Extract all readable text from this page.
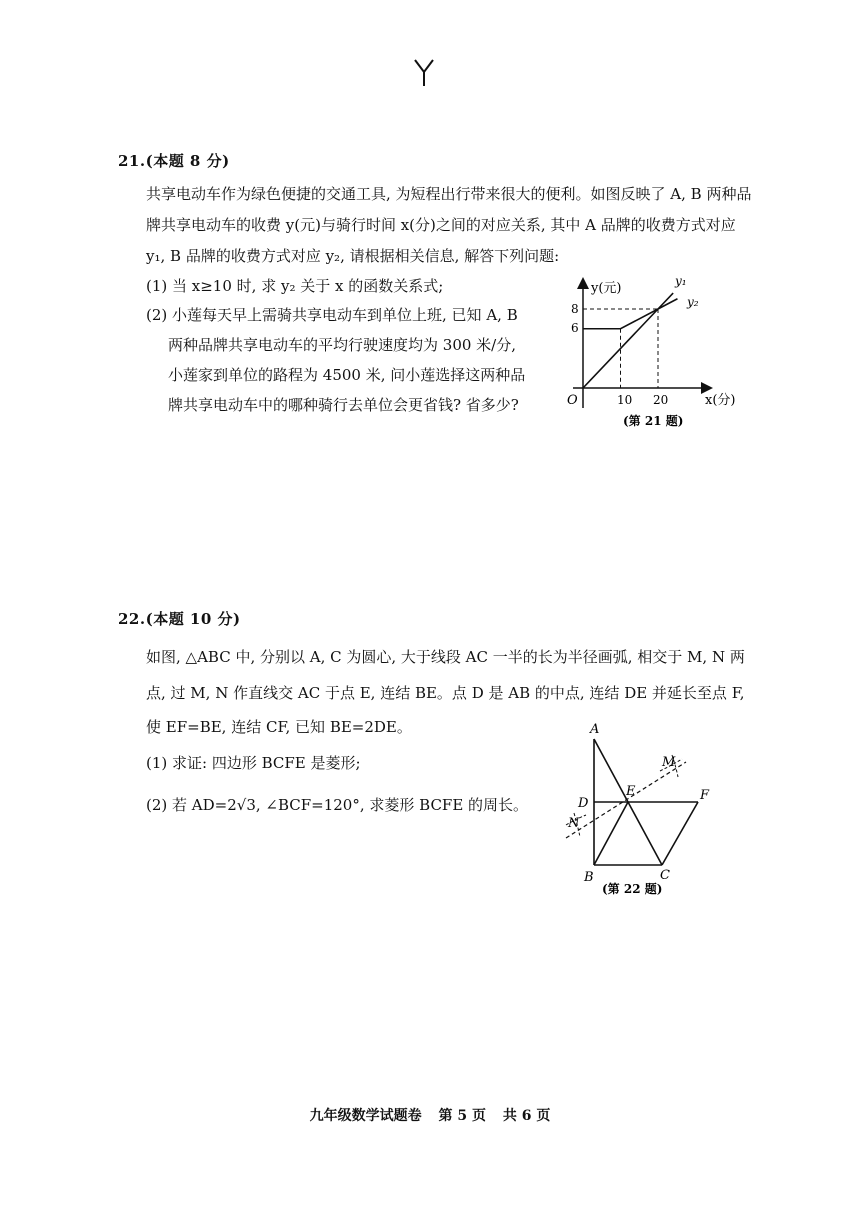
21.(本题 8 分)
共享电动车作为绿色便捷的交通工具, 为短程出行带来很大的便利。如图反映了 A, B 两种品
牌共享电动车的收费 y(元)与骑行时间 x(分)之间的对应关系, 其中 A 品牌的收费方式对应
y₁, B 品牌的收费方式对应 y₂, 请根据相关信息, 解答下列问题:
(1) 当 x≥10 时, 求 y₂ 关于 x 的函数关系式;
(2) 小莲每天早上需骑共享电动车到单位上班, 已知 A, B
两种品牌共享电动车的平均行驶速度均为 300 米/分,
小莲家到单位的路程为 4500 米, 问小莲选择这两种品
牌共享电动车中的哪种骑行去单位会更省钱? 省多少?
y(元)
x(分)
O	10 20
8
6
y₁
y₂
(第 21 题)
22.(本题 10 分)
如图, △ABC 中, 分别以 A, C 为圆心, 大于线段 AC 一半的长为半径画弧, 相交于 M, N 两
点, 过 M, N 作直线交 AC 于点 E, 连结 BE。点 D 是 AB 的中点, 连结 DE 并延长至点 F,
使 EF=BE, 连结 CF, 已知 BE=2DE。
(1) 求证: 四边形 BCFE 是菱形;
(2) 若 AD=2√3, ∠BCF=120°, 求菱形 BCFE 的周长。
A
B	C
D
E	F
M
N
(第 22 题)
九年级数学试题卷 第 5 页 共 6 页
